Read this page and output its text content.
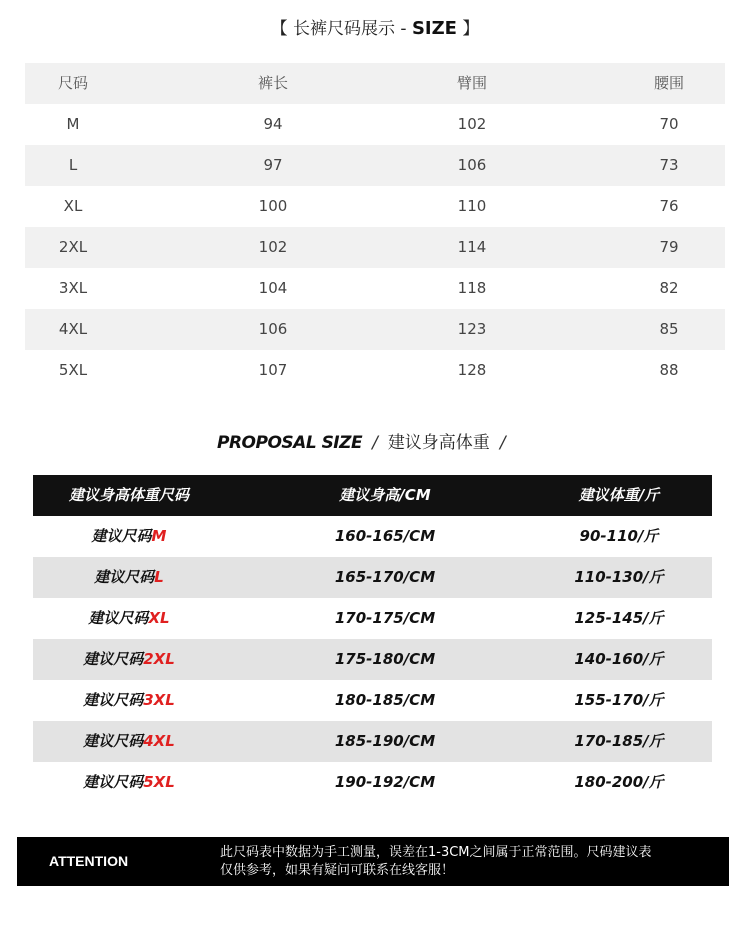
【 长裤尺码展示 - SIZE 】
尺码	裤长	臂围	腰围
M	94	102	70
L	97	106	73
XL	100	110	76
2XL	102	114	79
3XL	104	118	82
4XL	106	123	85
5XL	107	128	88
PROPOSAL SIZE / 建议身高体重 /
建议身高体重尺码	建议身高/CM	建议体重/斤
建议尺码M	160-165/CM	90-110/斤
建议尺码L	165-170/CM	110-130/斤
建议尺码XL	170-175/CM	125-145/斤
建议尺码2XL	175-180/CM	140-160/斤
建议尺码3XL	180-185/CM	155-170/斤
建议尺码4XL	185-190/CM	170-185/斤
建议尺码5XL	190-192/CM	180-200/斤
ATTENTION
此尺码表中数据为手工测量，误差在1-3CM之间属于正常范围。尺码建议表
仅供参考，如果有疑问可联系在线客服！
